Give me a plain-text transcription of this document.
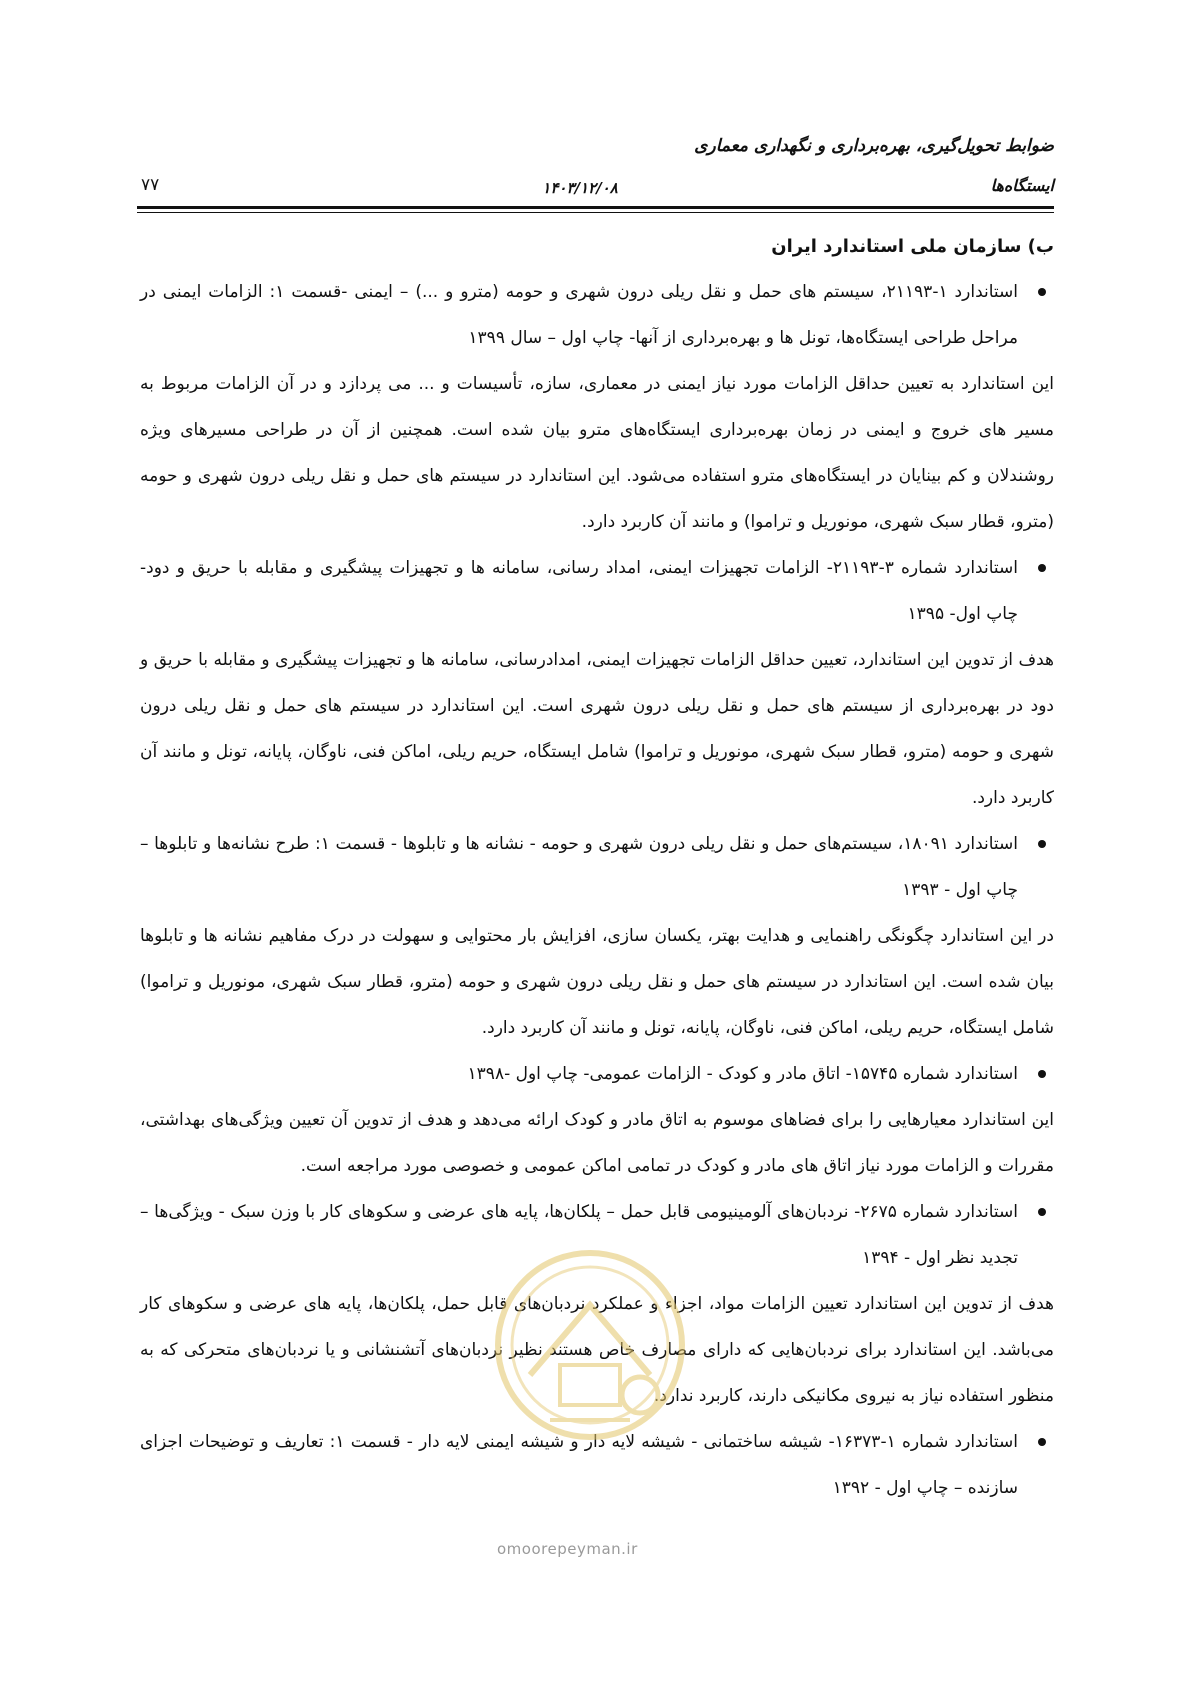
ضوابط تحویل‌گیری، بهره‌برداری و نگهداری معماری
ایستگاه‌ها
۱۴۰۳/۱۲/۰۸
۷۷

ب) سازمان ملی استاندارد ایران

استاندارد ۱-۲۱۱۹۳، سیستم های حمل و نقل ریلی درون شهری و حومه (مترو و ...) – ایمنی -قسمت ۱: الزامات ایمنی در مراحل طراحی ایستگاه‌ها، تونل ها و بهره‌برداری از آنها- چاپ اول – سال ۱۳۹۹

این استاندارد به تعیین حداقل الزامات مورد نیاز ایمنی در معماری، سازه، تأسیسات و ... می پردازد و در آن الزامات مربوط به مسیر های خروج و ایمنی در زمان بهره‌برداری ایستگاه‌های مترو بیان شده است. همچنین از آن در طراحی مسیرهای ویژه روشندلان و کم بینایان در ایستگاه‌های مترو استفاده می‌شود. این استاندارد در سیستم های حمل و نقل ریلی درون شهری و حومه (مترو، قطار سبک شهری، مونوریل و تراموا) و مانند آن کاربرد دارد.

استاندارد شماره ۳-۲۱۱۹۳- الزامات تجهیزات ایمنی، امداد رسانی، سامانه ها و تجهیزات پیشگیری و مقابله با حریق و دود- چاپ اول- ۱۳۹۵

هدف از تدوین این استاندارد، تعیین حداقل الزامات تجهیزات ایمنی، امدادرسانی، سامانه ها و تجهیزات پیشگیری و مقابله با حریق و دود در بهره‌برداری از سیستم های حمل و نقل ریلی درون شهری است. این استاندارد در سیستم های حمل و نقل ریلی درون شهری و حومه (مترو، قطار سبک شهری، مونوریل و تراموا) شامل ایستگاه، حریم ریلی، اماکن فنی، ناوگان، پایانه، تونل و مانند آن کاربرد دارد.

استاندارد ۱۸۰۹۱، سیستم‌های حمل و نقل ریلی درون شهری و حومه - نشانه ها و تابلوها - قسمت ۱: طرح نشانه‌ها و تابلوها – چاپ اول - ۱۳۹۳

در این استاندارد چگونگی راهنمایی و هدایت بهتر، یکسان سازی، افزایش بار محتوایی و سهولت در درک مفاهیم نشانه ها و تابلوها بیان شده است. این استاندارد در سیستم های حمل و نقل ریلی درون شهری و حومه (مترو، قطار سبک شهری، مونوریل و تراموا) شامل ایستگاه، حریم ریلی، اماکن فنی، ناوگان، پایانه، تونل و مانند آن کاربرد دارد.

استاندارد شماره ۱۵۷۴۵- اتاق مادر و کودک - الزامات عمومی- چاپ اول -۱۳۹۸

این استاندارد معیارهایی را برای فضاهای موسوم به اتاق مادر و کودک ارائه می‌دهد و هدف از تدوین آن تعیین ویژگی‌های بهداشتی، مقررات و الزامات مورد نیاز اتاق های مادر و کودک در تمامی اماکن عمومی و خصوصی مورد مراجعه است.

استاندارد شماره ۲۶۷۵- نردبان‌های آلومینیومی قابل حمل – پلکان‌ها، پایه های عرضی و سکوهای کار با وزن سبک - ویژگی‌ها – تجدید نظر اول - ۱۳۹۴

هدف از تدوین این استاندارد تعیین الزامات مواد، اجزاء و عملکرد نردبان‌های قابل حمل، پلکان‌ها، پایه های عرضی و سکوهای کار می‌باشد. این استاندارد برای نردبان‌هایی که دارای مصارف خاص هستند نظیر نردبان‌های آتشنشانی و یا نردبان‌های متحرکی که به منظور استفاده نیاز به نیروی مکانیکی دارند، کاربرد ندارد.

استاندارد شماره ۱-۱۶۳۷۳- شیشه ساختمانی - شیشه لایه دار و شیشه ایمنی لایه دار - قسمت ۱: تعاریف و توضیحات اجزای سازنده – چاپ اول - ۱۳۹۲

omoorepeyman.ir
